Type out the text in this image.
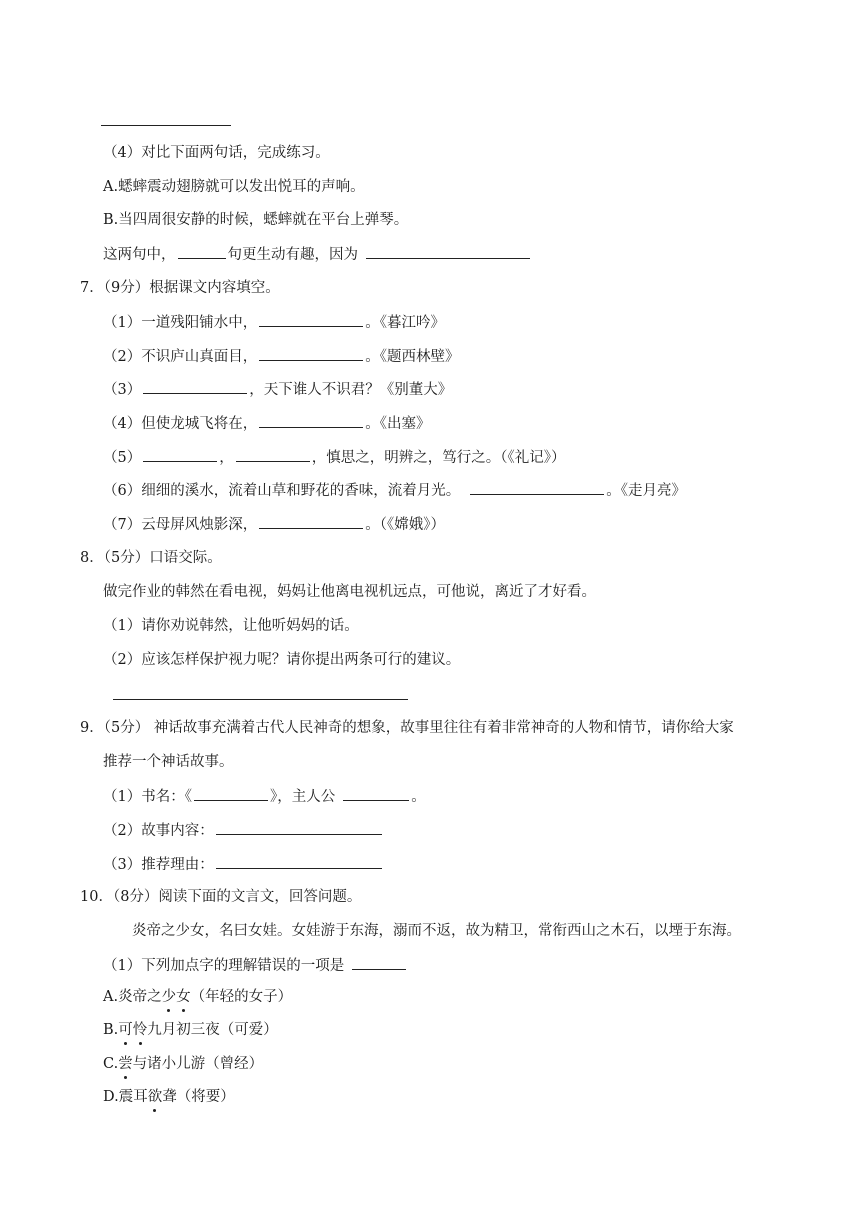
（4）对比下面两句话，完成练习。
A.蟋蟀震动翅膀就可以发出悦耳的声响。
B.当四周很安静的时候，蟋蟀就在平台上弹琴。
这两句中，	句更生动有趣，因为
7．（9分）根据课文内容填空。
（1）一道残阳铺水中，	。《暮江吟》
（2）不识庐山真面目，	。《题西林壁》
（3）	，天下谁人不识君？《别董大》
（4）但使龙城飞将在，	。《出塞》
（5）	，	，慎思之，明辨之，笃行之。（《礼记》）
（6）细细的溪水，流着山草和野花的香味，流着月光。	。《走月亮》
（7）云母屏风烛影深，	。（《嫦娥》）
8．（5分）口语交际。
做完作业的韩然在看电视，妈妈让他离电视机远点，可他说，离近了才好看。
（1）请你劝说韩然，让他听妈妈的话。
（2）应该怎样保护视力呢？请你提出两条可行的建议。
9．（5分） 神话故事充满着古代人民神奇的想象，故事里往往有着非常神奇的人物和情节，请你给大家
推荐一个神话故事。
（1）书名：《	》，主人公	。
（2）故事内容：
（3）推荐理由：
10．（8分）阅读下面的文言文，回答问题。
炎帝之少女，名曰女娃。女娃游于东海，溺而不返，故为精卫，常衔西山之木石，以堙于东海。
（1）下列加点字的理解错误的一项是
A.炎帝之少女（年轻的女子）
B.可怜九月初三夜（可爱）
C.尝与诸小儿游（曾经）
D.震耳欲聋（将要）
